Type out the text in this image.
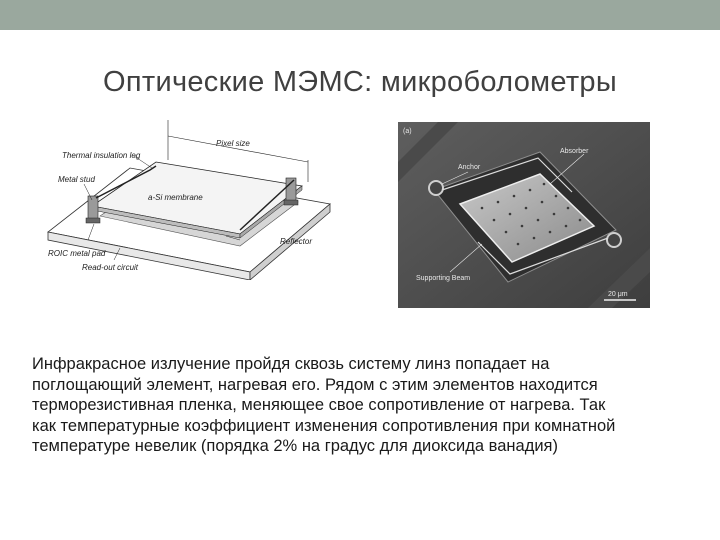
Оптические МЭМС: микроболометры
Pixel size
Thermal insulation leg
Metal stud
a-Si membrane
Reflector
ROIC metal pad
Read-out circuit
(a)
Absorber
Anchor
Supporting Beam
20 μm
Инфракрасное излучение пройдя сквозь систему линз попадает на
поглощающий элемент, нагревая его. Рядом с этим элементов находится
терморезистивная пленка, меняющее свое сопротивление от нагрева. Так
как температурные коэффициент изменения сопротивления при комнатной
температуре невелик (порядка 2% на градус для диоксида ванадия)
